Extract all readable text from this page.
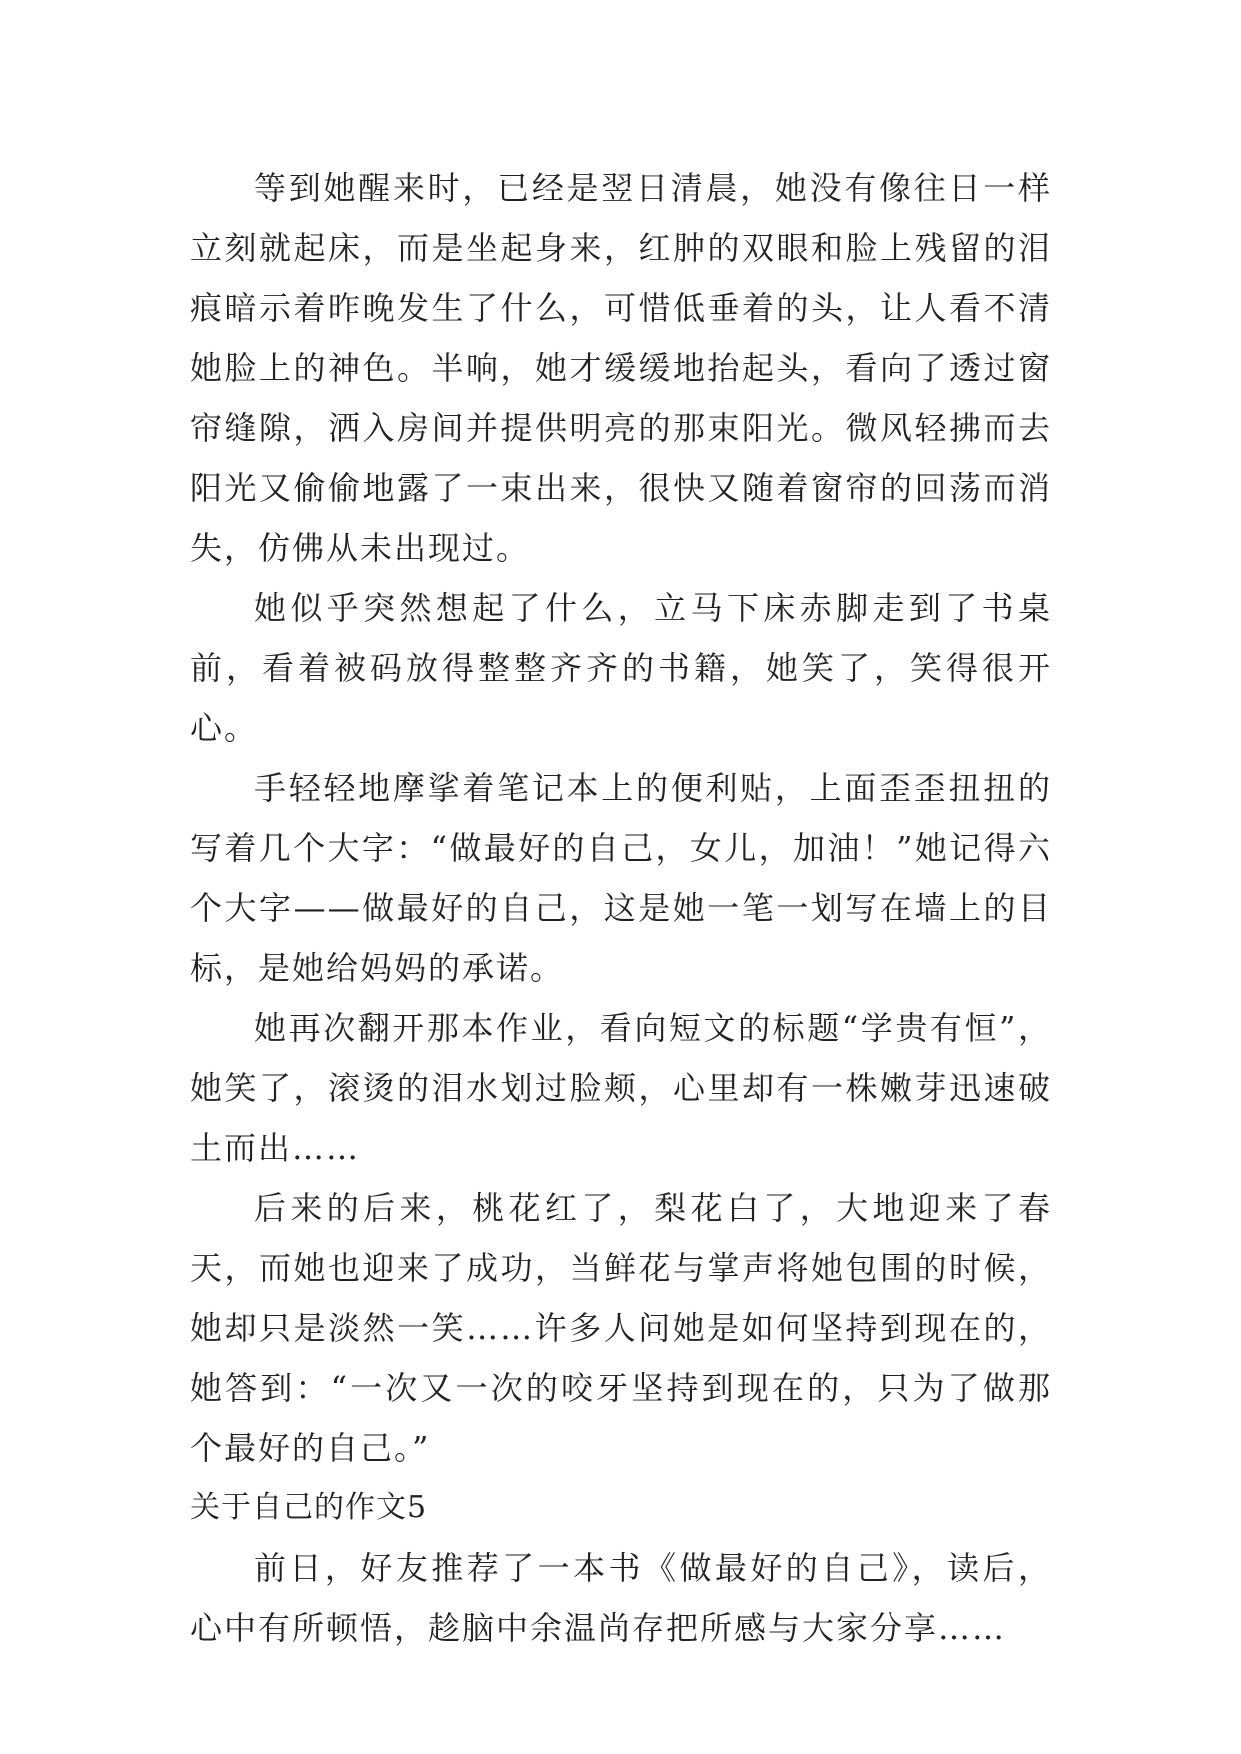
等到她醒来时，已经是翌日清晨，她没有像往日一样立刻就起床，而是坐起身来，红肿的双眼和脸上残留的泪痕暗示着昨晚发生了什么，可惜低垂着的头，让人看不清她脸上的神色。半响，她才缓缓地抬起头，看向了透过窗帘缝隙，洒入房间并提供明亮的那束阳光。微风轻拂而去阳光又偷偷地露了一束出来，很快又随着窗帘的回荡而消失，仿佛从未出现过。

她似乎突然想起了什么，立马下床赤脚走到了书桌前，看着被码放得整整齐齐的书籍，她笑了，笑得很开心。

手轻轻地摩挲着笔记本上的便利贴，上面歪歪扭扭的写着几个大字：“做最好的自己，女儿，加油！”她记得六个大字——做最好的自己，这是她一笔一划写在墙上的目标，是她给妈妈的承诺。

她再次翻开那本作业，看向短文的标题“学贵有恒”，她笑了，滚烫的泪水划过脸颊，心里却有一株嫩芽迅速破土而出……

后来的后来，桃花红了，梨花白了，大地迎来了春天，而她也迎来了成功，当鲜花与掌声将她包围的时候，她却只是淡然一笑……许多人问她是如何坚持到现在的，她答到：“一次又一次的咬牙坚持到现在的，只为了做那个最好的自己。”

关于自己的作文5

前日，好友推荐了一本书《做最好的自己》，读后，心中有所顿悟，趁脑中余温尚存把所感与大家分享……
